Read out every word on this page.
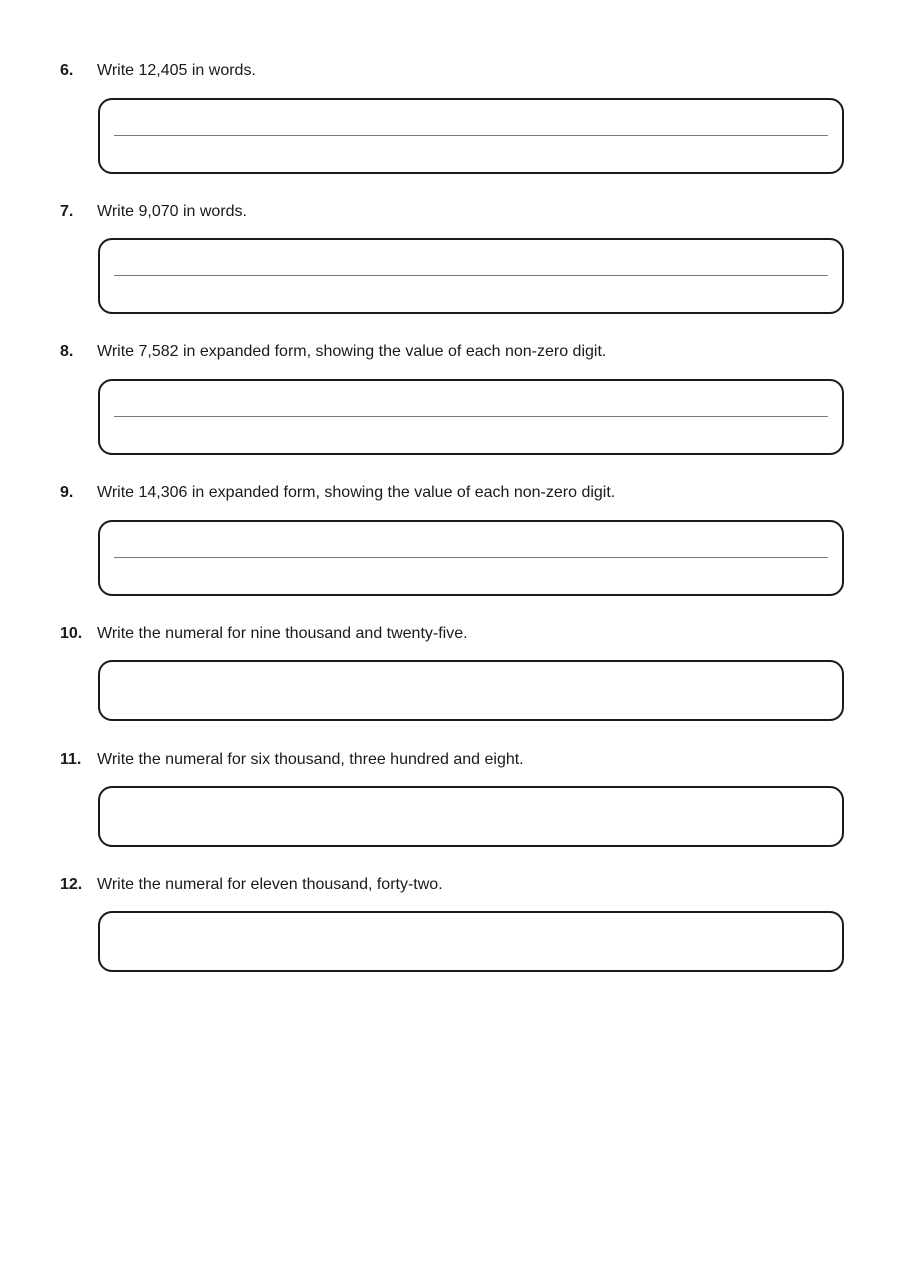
6.	Write 12,405 in words.
7.	Write 9,070 in words.
8.	Write 7,582 in expanded form, showing the value of each non-zero digit.
9.	Write 14,306 in expanded form, showing the value of each non-zero digit.
10. Write the numeral for nine thousand and twenty-five.
11. Write the numeral for six thousand, three hundred and eight.
12. Write the numeral for eleven thousand, forty-two.
